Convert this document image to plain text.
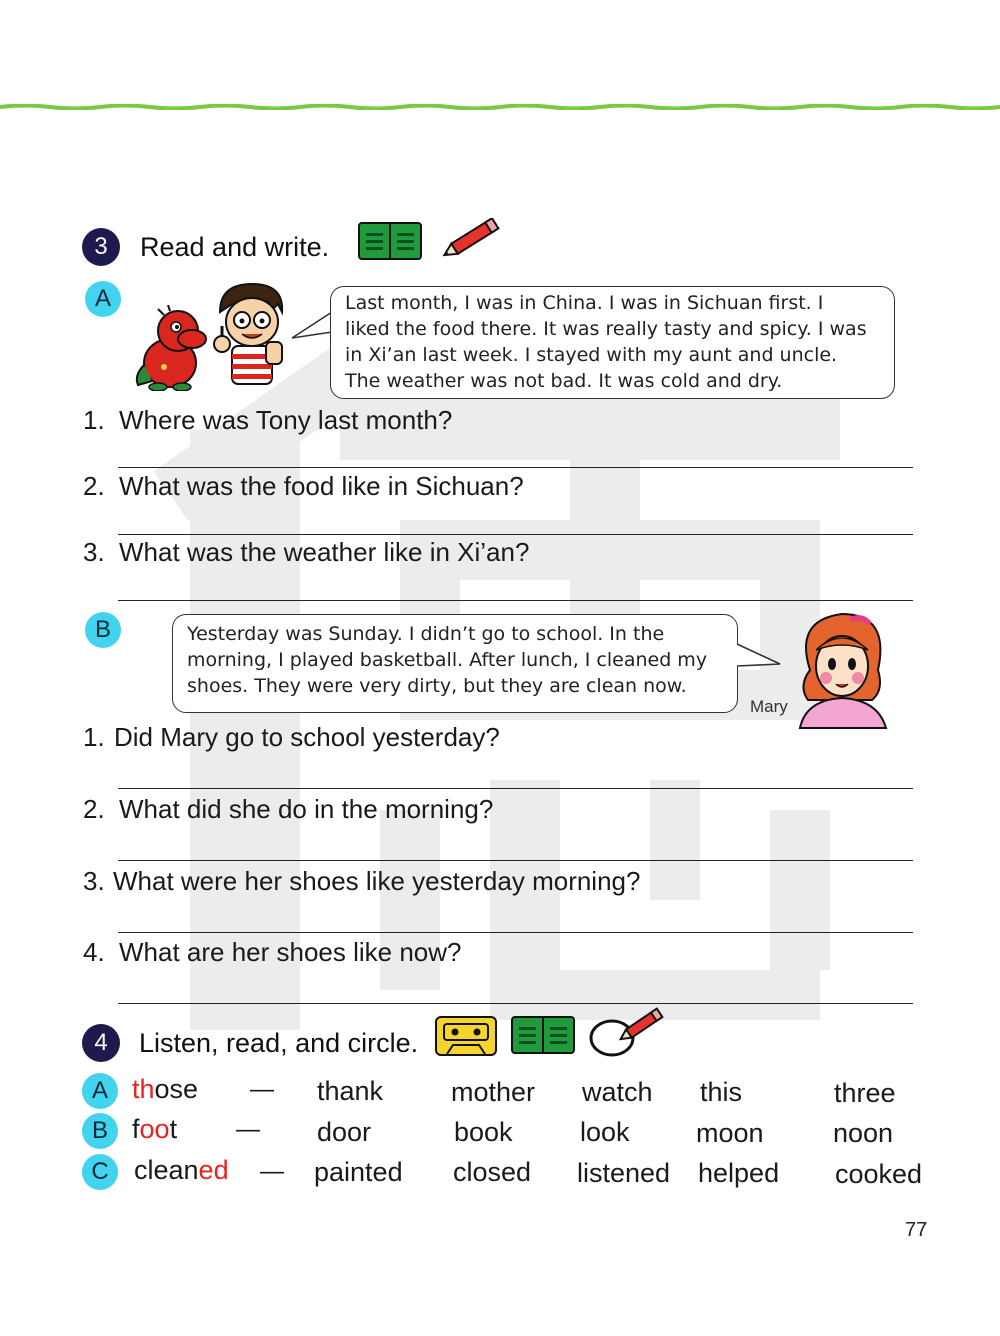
3	Read and write.
A	Last month, I was in China. I was in Sichuan first. I
liked the food there. It was really tasty and spicy. I was
in Xi’an last week. I stayed with my aunt and uncle.
The weather was not bad. It was cold and dry.
1. Where was Tony last month?
2. What was the food like in Sichuan?
3. What was the weather like in Xi’an?
B	Yesterday was Sunday. I didn’t go to school. In the
morning, I played basketball. After lunch, I cleaned my
shoes. They were very dirty, but they are clean now.
Mary
1. Did Mary go to school yesterday?
2. What did she do in the morning?
3. What were her shoes like yesterday morning?
4. What are her shoes like now?
4	Listen, read, and circle.
A those — thank	mother watch this	three
B foot — door	book look moon	noon
C cleaned — painted closed listened helped cooked
77
